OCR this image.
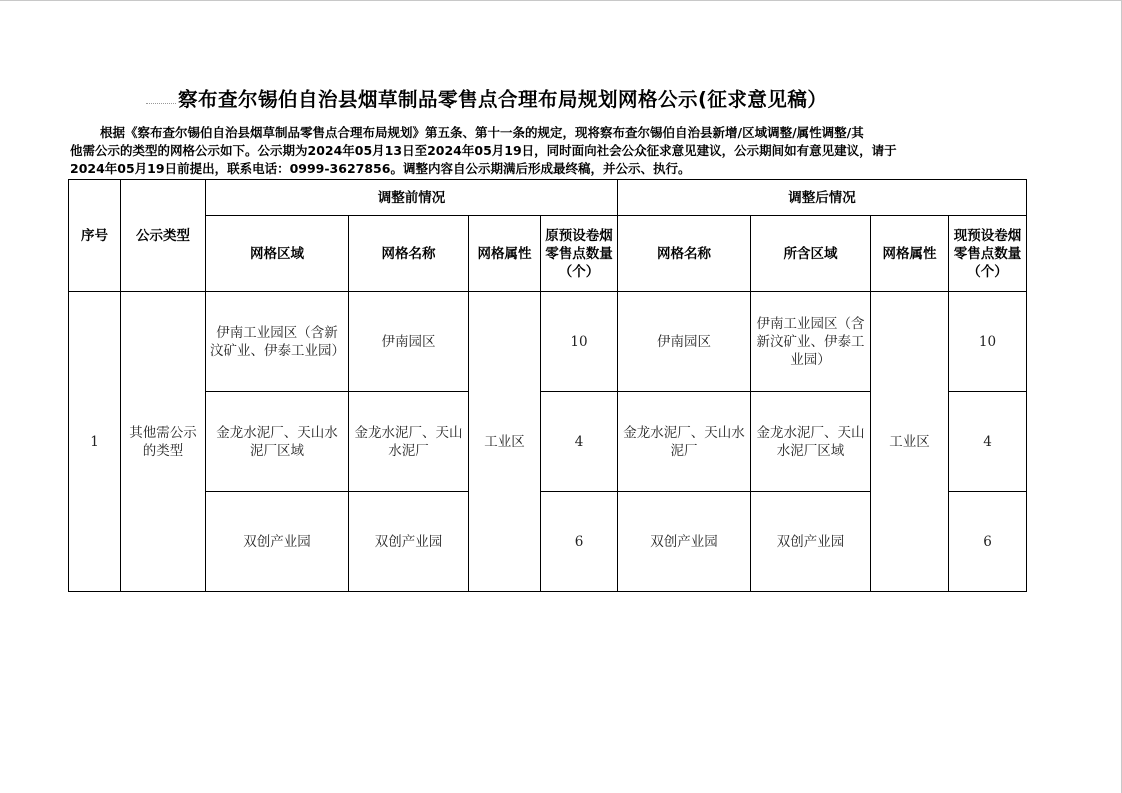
察布查尔锡伯自治县烟草制品零售点合理布局规划网格公示(征求意见稿）

根据《察布查尔锡伯自治县烟草制品零售点合理布局规划》第五条、第十一条的规定，现将察布查尔锡伯自治县新增/区域调整/属性调整/其

他需公示的类型的网格公示如下。公示期为2024年05月13日至2024年05月19日，同时面向社会公众征求意见建议，公示期间如有意见建议，请于

2024年05月19日前提出，联系电话：0999-3627856。调整内容自公示期满后形成最终稿，并公示、执行。

序号	公示类型	调整前情况				调整后情况			
		网格区域	网格名称	网格属性	原预设卷烟零售点数量（个）	网格名称	所含区域	网格属性	现预设卷烟零售点数量（个）
1	其他需公示的类型	伊南工业园区（含新汶矿业、伊泰工业园）	伊南园区	工业区	10	伊南园区	伊南工业园区（含新汶矿业、伊泰工业园）	工业区	10
		金龙水泥厂、天山水泥厂区域	金龙水泥厂、天山水泥厂		4	金龙水泥厂、天山水泥厂	金龙水泥厂、天山水泥厂区域		4
		双创产业园	双创产业园		6	双创产业园	双创产业园		6
